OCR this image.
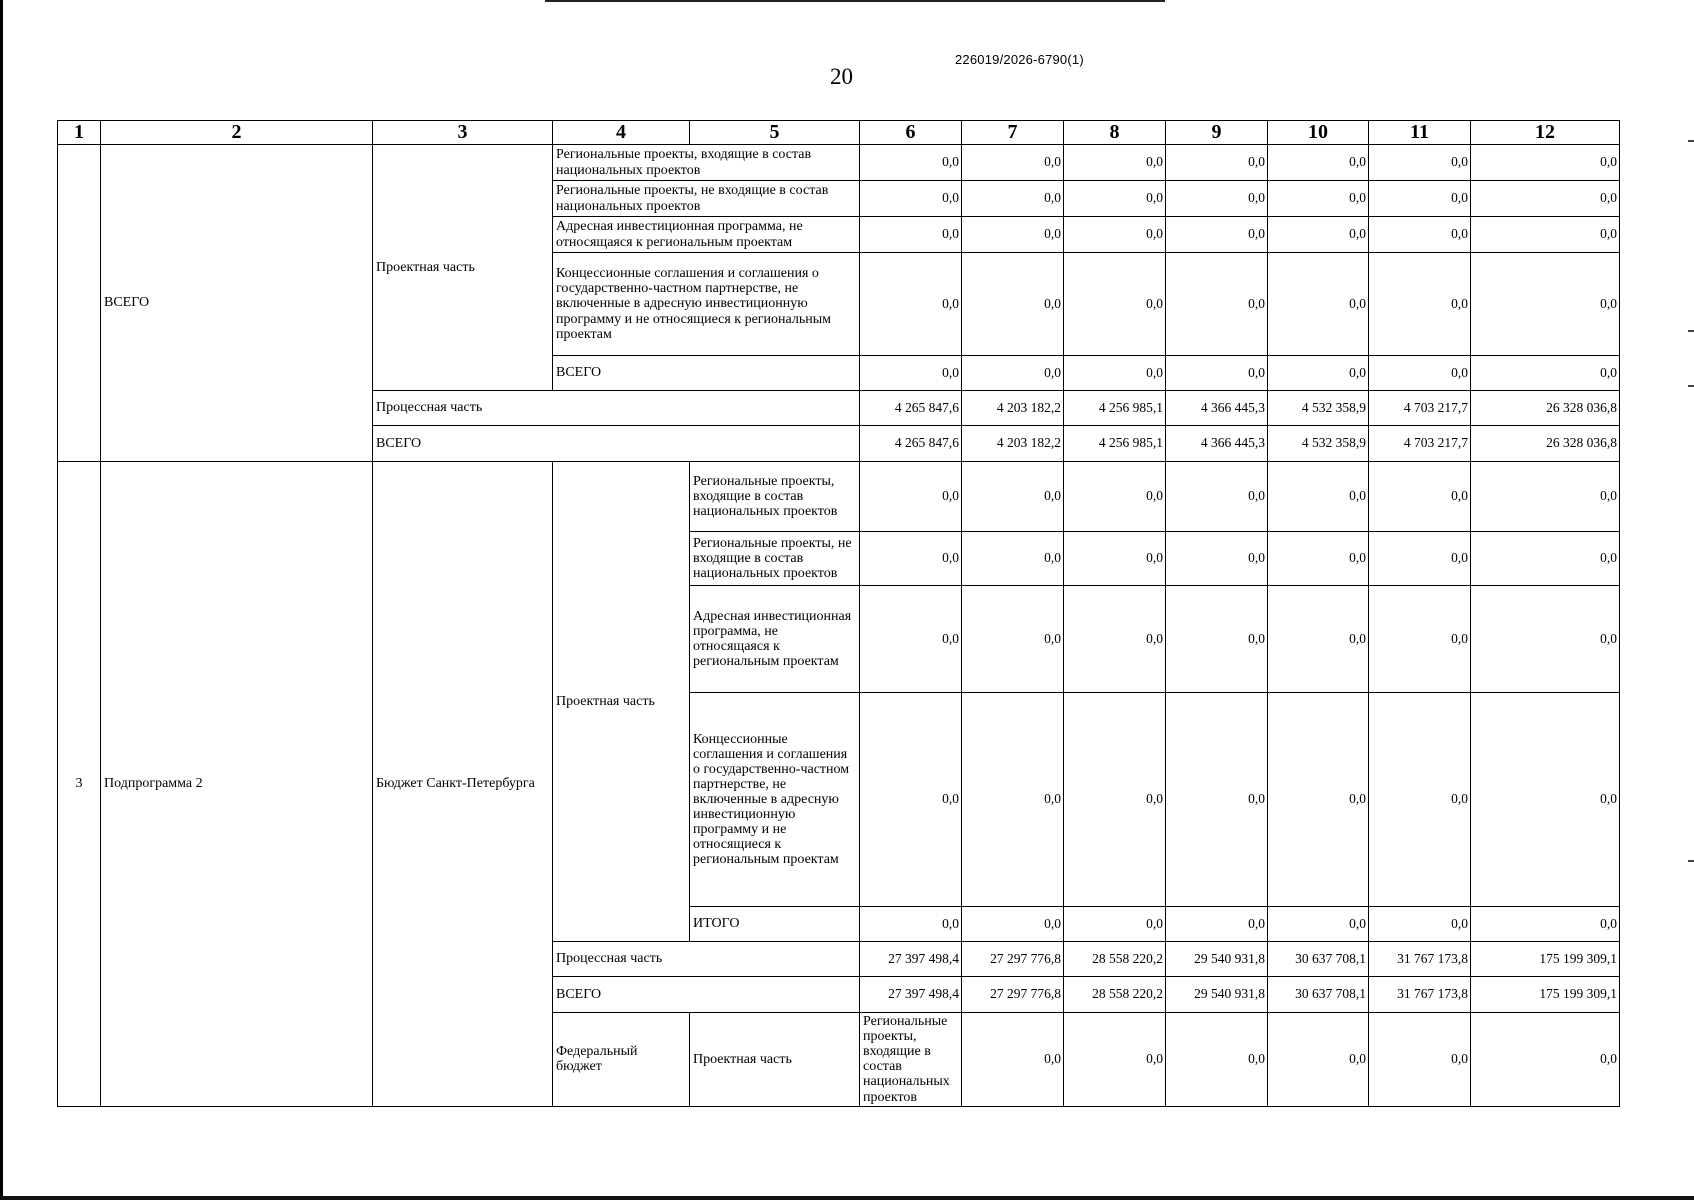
226019/2026-6790(1)
20
1	2	3	4	5	6	7	8	9	10	11	12	
	ВСЕГО	Проектная часть	Региональные проекты, входящие в состав национальных проектов		0,0	0,0	0,0	0,0	0,0	0,0	0,0	
			Региональные проекты, не входящие в состав национальных проектов		0,0	0,0	0,0	0,0	0,0	0,0	0,0	
			Адресная инвестиционная программа, не относящаяся к региональным проектам		0,0	0,0	0,0	0,0	0,0	0,0	0,0	
			Концессионные соглашения и соглашения о государственно-частном партнерстве, не включенные в адресную инвестиционную программу и не относящиеся к региональным проектам		0,0	0,0	0,0	0,0	0,0	0,0	0,0	
			ВСЕГО		0,0	0,0	0,0	0,0	0,0	0,0	0,0	
		Процессная часть			4 265 847,6	4 203 182,2	4 256 985,1	4 366 445,3	4 532 358,9	4 703 217,7	26 328 036,8	
		ВСЕГО			4 265 847,6	4 203 182,2	4 256 985,1	4 366 445,3	4 532 358,9	4 703 217,7	26 328 036,8	
3	Подпрограмма 2	Бюджет Санкт-Петербурга	Проектная часть	Региональные проекты, входящие в состав национальных проектов	0,0	0,0	0,0	0,0	0,0	0,0	0,0	
				Региональные проекты, не входящие в состав национальных проектов	0,0	0,0	0,0	0,0	0,0	0,0	0,0	
				Адресная инвестиционная программа, не относящаяся к региональным проектам	0,0	0,0	0,0	0,0	0,0	0,0	0,0	
				Концессионные соглашения и соглашения о государственно-частном партнерстве, не включенные в адресную инвестиционную программу и не относящиеся к региональным проектам	0,0	0,0	0,0	0,0	0,0	0,0	0,0	
				ИТОГО	0,0	0,0	0,0	0,0	0,0	0,0	0,0	
			Процессная часть		27 397 498,4	27 297 776,8	28 558 220,2	29 540 931,8	30 637 708,1	31 767 173,8	175 199 309,1	
			ВСЕГО		27 397 498,4	27 297 776,8	28 558 220,2	29 540 931,8	30 637 708,1	31 767 173,8	175 199 309,1	
			Федеральный бюджет	Проектная часть	Региональные проекты, входящие в состав национальных проектов	0,0	0,0	0,0	0,0	0,0	0,0	
